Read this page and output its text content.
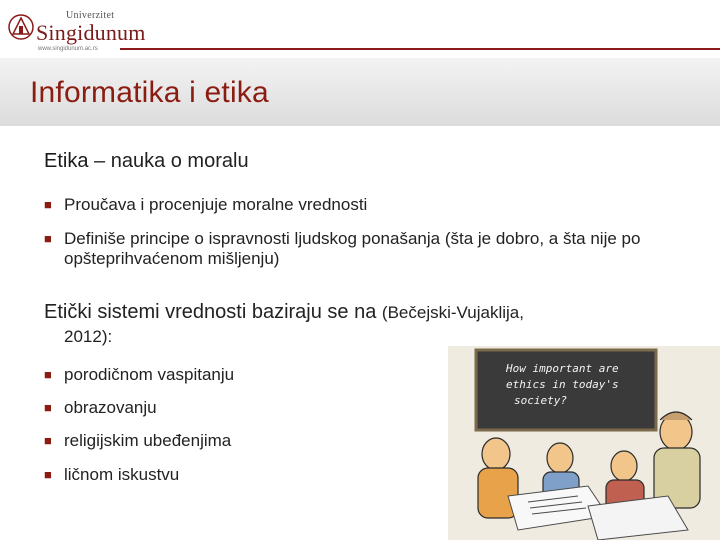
Univerzitet
Singidunum
www.singidunum.ac.rs
Informatika i etika
Etika – nauka o moralu
■ Proučava i procenjuje moralne vrednosti
■ Definiše principe o ispravnosti ljudskog ponašanja (šta je dobro, a šta nije po opšteprihvaćenom mišljenju)
Etički sistemi vrednosti baziraju se na (Bečejski-Vujaklija,
2012):
■ porodičnom vaspitanju
■ obrazovanju
■ religijskim ubeđenjima
■ ličnom iskustvu
How important are
ethics in today's
society?
